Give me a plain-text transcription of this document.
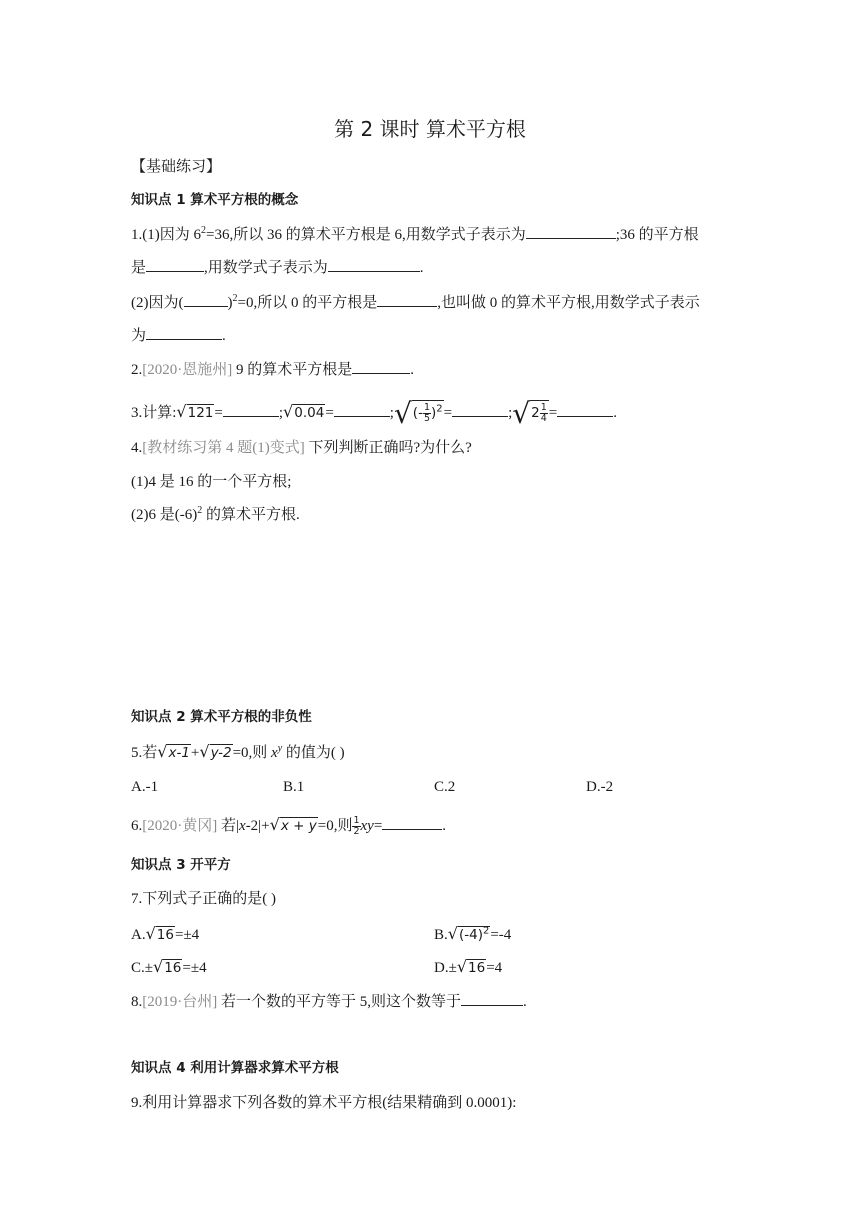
第 2 课时 算术平方根
【基础练习】
知识点 1 算术平方根的概念
1.(1)因为 $6^2=36$,所以 36 的算术平方根是 6,用数学式子表示为	;36 的平方根
是	,用数学式子表示为	.
(2)因为(	)$^2$=0,所以 0 的平方根是	,也叫做 0 的算术平方根,用数学式子表示
为	.
2.[2020·恩施州] 9 的算术平方根是	.
3.计算:√121=	;√0.04=	;√(- $\frac{1}{5} )^2=$	;√2 $\frac{1}{4}$ =	.
4.[教材练习第 4 题(1)变式] 下列判断正确吗?为什么?
(1)4 是 16 的一个平方根;
(2)6 是$(-6)^2$ 的算术平方根.
知识点 2 算术平方根的非负性
5.若√x-1+√y-2=0,则 $x^y$ 的值为( )
A.-1	B.1	C.2	D.-2
6.[2020·黄冈] 若|x-2|+√x + y=0,则 $\frac{1}{2} xy=$	.
知识点 3 开平方
7.下列式子正确的是( )
A.√16=±4	$B.√(-4)^2=-4$
C.±√16=±4	D.±√16=4
8.[2019·台州] 若一个数的平方等于 5,则这个数等于	.
知识点 4 利用计算器求算术平方根
9.利用计算器求下列各数的算术平方根(结果精确到 0.0001):
